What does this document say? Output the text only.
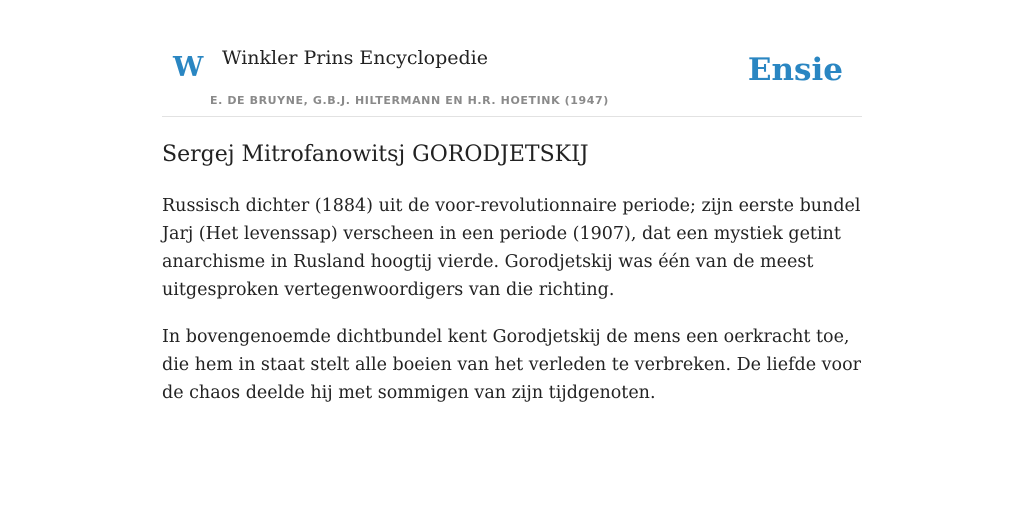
W Winkler Prins Encyclopedie
E. DE BRUYNE, G.B.J. HILTERMANN EN H.R. HOETINK (1947)
Ensie
Sergej Mitrofanowitsj GORODJETSKIJ

Russisch dichter (1884) uit de voor-revolutionnaire periode; zijn eerste bundel Jarj (Het levenssap) verscheen in een periode (1907), dat een mystiek getint anarchisme in Rusland hoogtij vierde. Gorodjetskij was één van de meest uitgesproken vertegenwoordigers van die richting.

In bovengenoemde dichtbundel kent Gorodjetskij de mens een oerkracht toe, die hem in staat stelt alle boeien van het verleden te verbreken. De liefde voor de chaos deelde hij met sommigen van zijn tijdgenoten.
